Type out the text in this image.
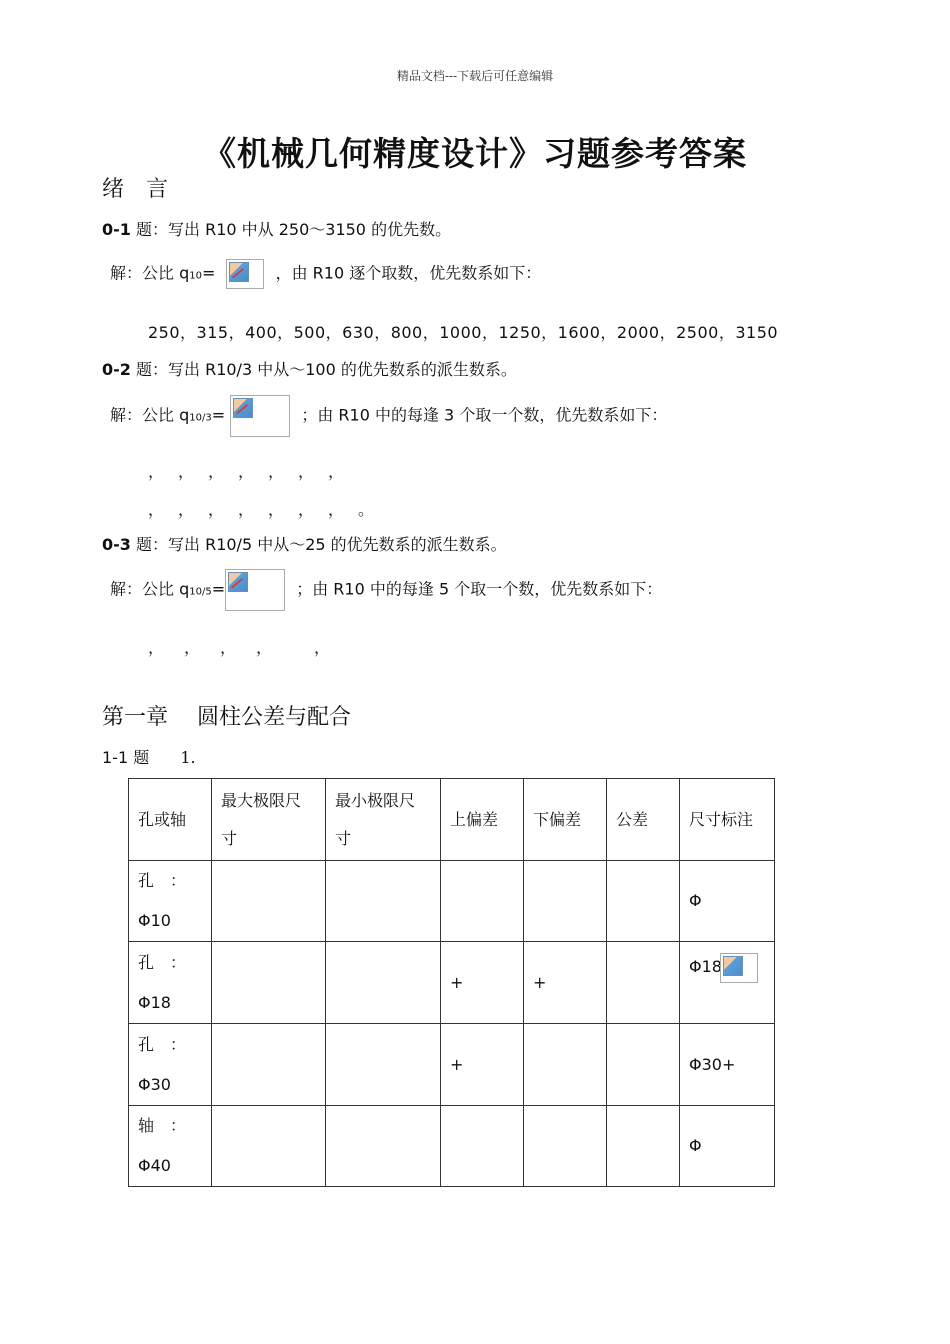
精品文档---下载后可任意编辑
《机械几何精度设计》习题参考答案
绪　言
0-1 题：写出 R10 中从 250～3150 的优先数。
解：公比 q10=	，由 R10 逐个取数，优先数系如下：
250，315，400，500，630，800，1000，1250，1600，2000，2500，3150
0-2 题：写出 R10/3 中从～100 的优先数系的派生数系。
解：公比 q10/3=	；由 R10 中的每逢 3 个取一个数，优先数系如下：
，，，，，，，
，，，，，，，。
0-3 题：写出 R10/5 中从～25 的优先数系的派生数系。
解：公比 q10/5=	；由 R10 中的每逢 5 个取一个数，优先数系如下：
，　，　，　，　　，
第一章　 圆柱公差与配合
1-1 题 1.
孔或轴	最大极限尺
寸	最小极限尺
寸	上偏差	下偏差	公差	尺寸标注
孔　：
Φ10						Φ
孔　：
Φ18			+	+		Φ18

孔　：
Φ30			+			Φ30+
轴　：
Φ40						Φ
